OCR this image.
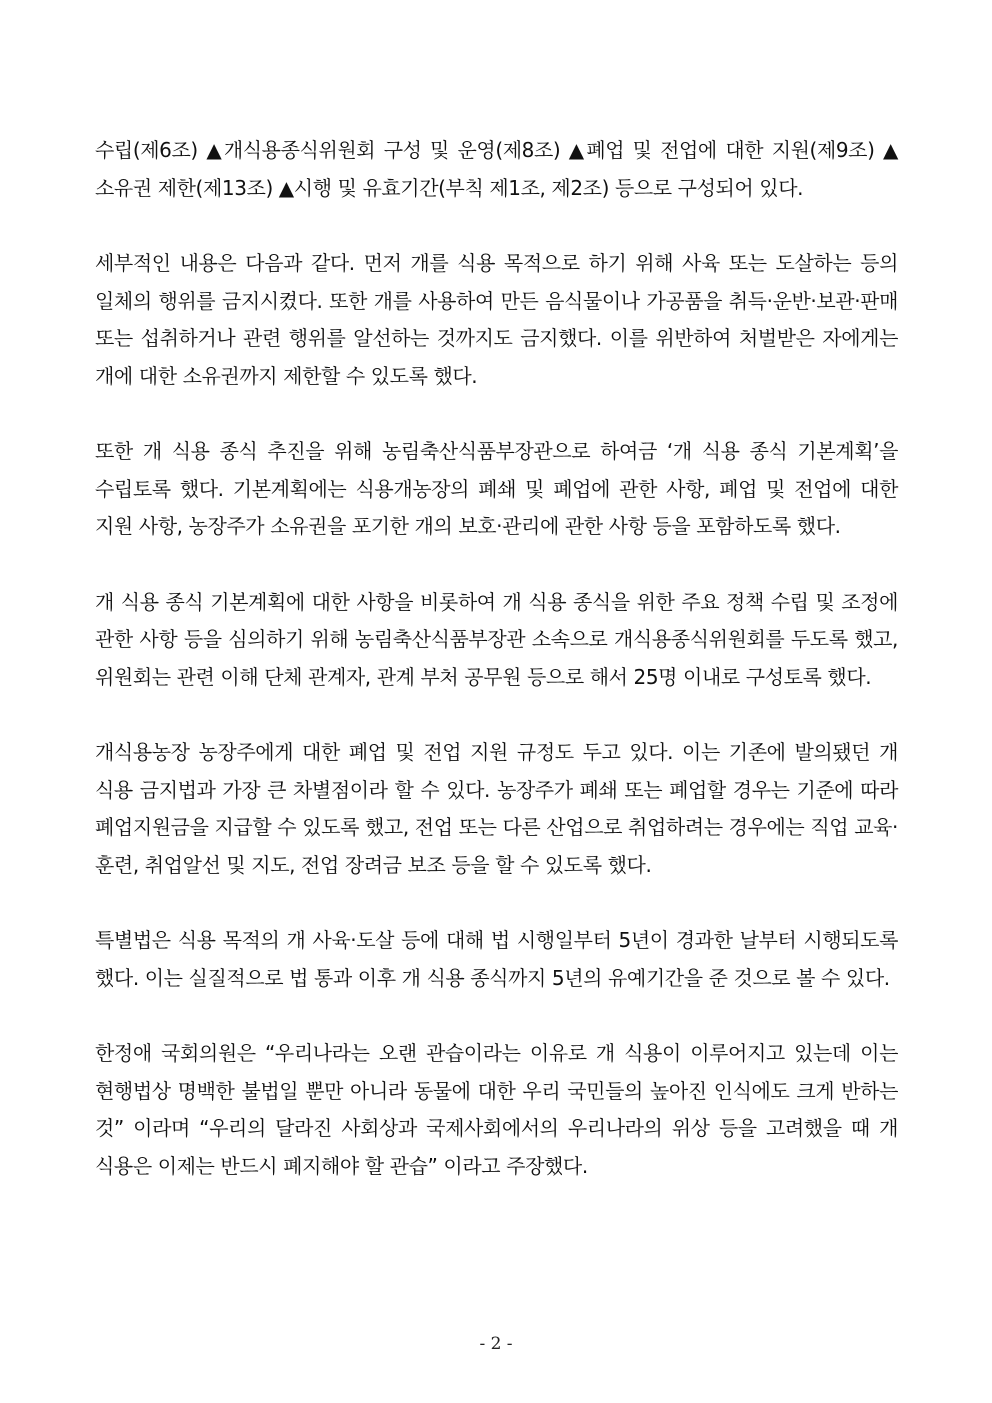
수립(제6조) ▲개식용종식위원회 구성 및 운영(제8조) ▲폐업 및 전업에 대한 지원(제9조) ▲소유권 제한(제13조) ▲시행 및 유효기간(부칙 제1조, 제2조) 등으로 구성되어 있다.

세부적인 내용은 다음과 같다. 먼저 개를 식용 목적으로 하기 위해 사육 또는 도살하는 등의 일체의 행위를 금지시켰다. 또한 개를 사용하여 만든 음식물이나 가공품을 취득·운반·보관·판매 또는 섭취하거나 관련 행위를 알선하는 것까지도 금지했다. 이를 위반하여 처벌받은 자에게는 개에 대한 소유권까지 제한할 수 있도록 했다.

또한 개 식용 종식 추진을 위해 농림축산식품부장관으로 하여금 ‘개 식용 종식 기본계획’을 수립토록 했다. 기본계획에는 식용개농장의 폐쇄 및 폐업에 관한 사항, 폐업 및 전업에 대한 지원 사항, 농장주가 소유권을 포기한 개의 보호·관리에 관한 사항 등을 포함하도록 했다.

개 식용 종식 기본계획에 대한 사항을 비롯하여 개 식용 종식을 위한 주요 정책 수립 및 조정에 관한 사항 등을 심의하기 위해 농림축산식품부장관 소속으로 개식용종식위원회를 두도록 했고, 위원회는 관련 이해 단체 관계자, 관계 부처 공무원 등으로 해서 25명 이내로 구성토록 했다.

개식용농장 농장주에게 대한 폐업 및 전업 지원 규정도 두고 있다. 이는 기존에 발의됐던 개 식용 금지법과 가장 큰 차별점이라 할 수 있다. 농장주가 폐쇄 또는 폐업할 경우는 기준에 따라 폐업지원금을 지급할 수 있도록 했고, 전업 또는 다른 산업으로 취업하려는 경우에는 직업 교육·훈련, 취업알선 및 지도, 전업 장려금 보조 등을 할 수 있도록 했다.

특별법은 식용 목적의 개 사육·도살 등에 대해 법 시행일부터 5년이 경과한 날부터 시행되도록 했다. 이는 실질적으로 법 통과 이후 개 식용 종식까지 5년의 유예기간을 준 것으로 볼 수 있다.

한정애 국회의원은 “우리나라는 오랜 관습이라는 이유로 개 식용이 이루어지고 있는데 이는 현행법상 명백한 불법일 뿐만 아니라 동물에 대한 우리 국민들의 높아진 인식에도 크게 반하는 것” 이라며 “우리의 달라진 사회상과 국제사회에서의 우리나라의 위상 등을 고려했을 때 개 식용은 이제는 반드시 폐지해야 할 관습” 이라고 주장했다.

- 2 -
